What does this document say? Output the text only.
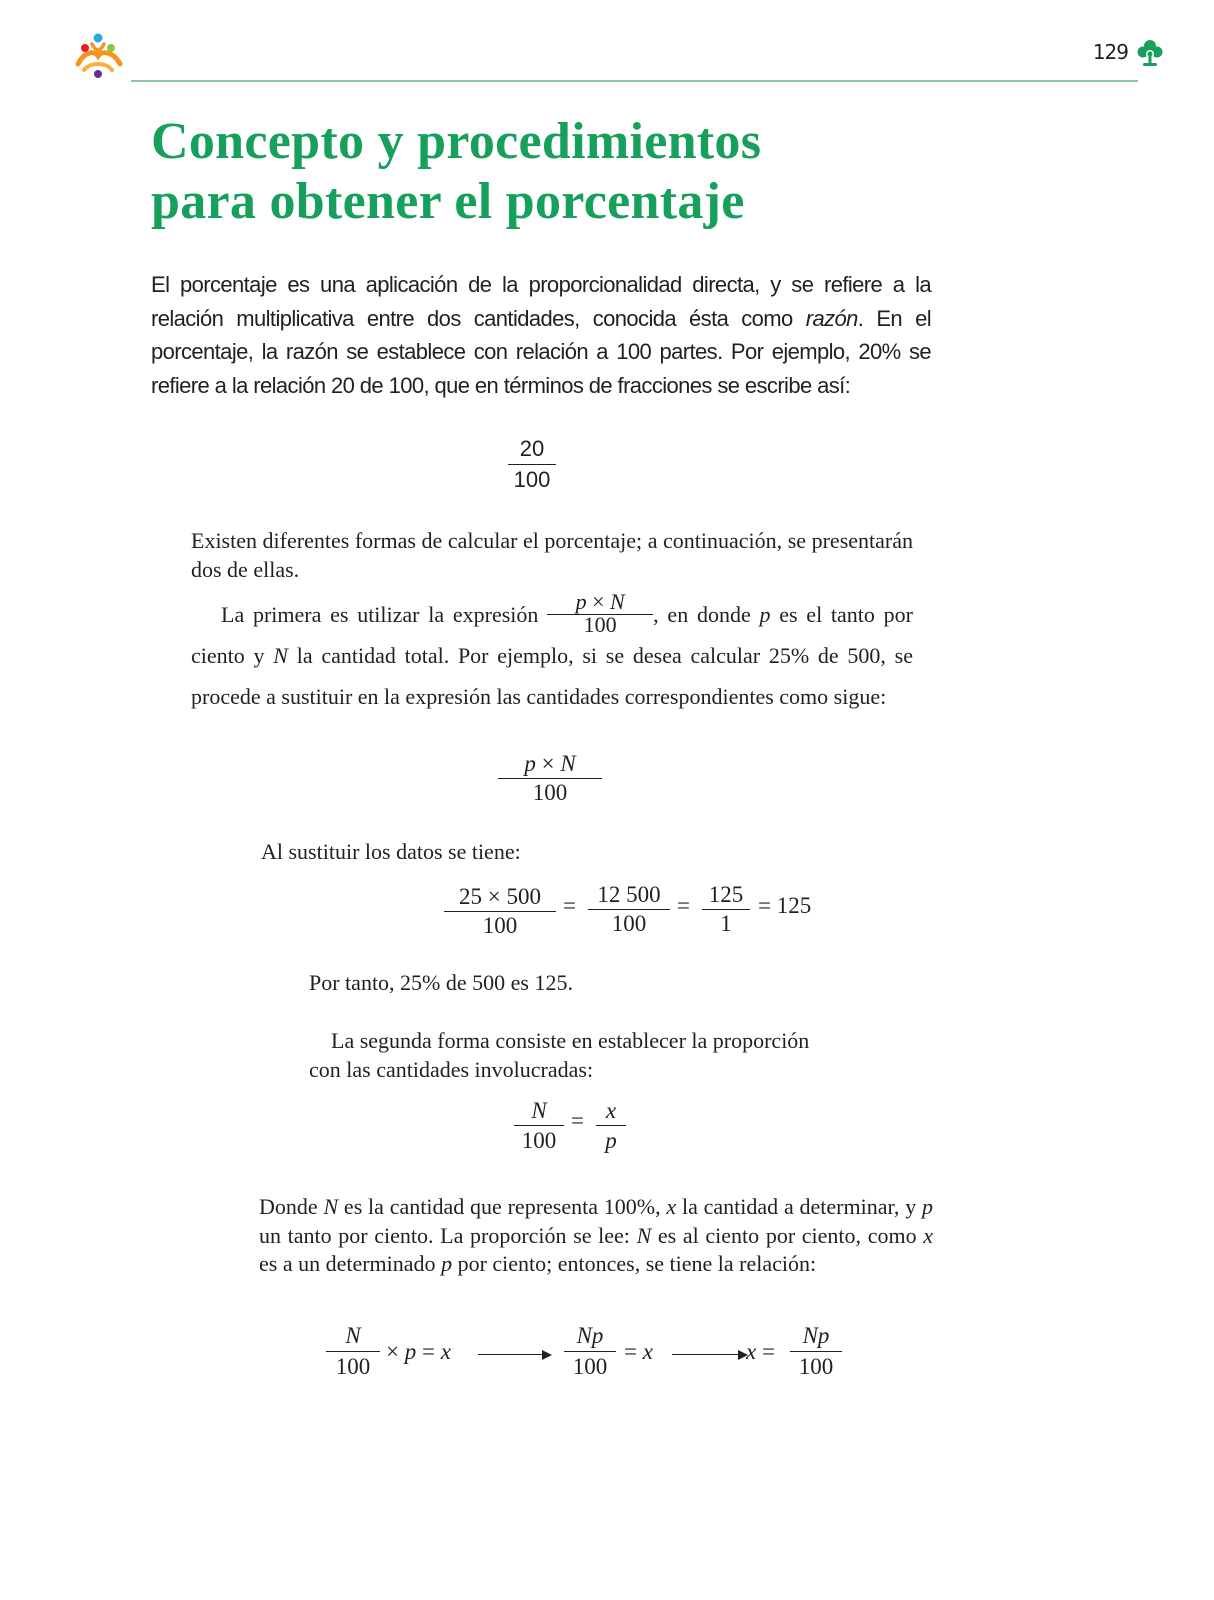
129
Concepto y procedimientos
para obtener el porcentaje

El porcentaje es una aplicación de la proporcionalidad directa, y se refiere a la relación multiplicativa entre dos cantidades, conocida ésta como razón. En el porcentaje, la razón se establece con relación a 100 partes. Por ejemplo, 20% se refiere a la relación 20 de 100, que en términos de fracciones se escribe así:

20
100

Existen diferentes formas de calcular el porcentaje; a continuación, se presentarán dos de ellas.

La primera es utilizar la expresión $\frac{p \times N}{100}$ , en donde p es el tanto por ciento y N la cantidad total. Por ejemplo, si se desea calcular 25% de 500, se procede a sustituir en la expresión las cantidades correspondientes como sigue:

p × N
100

Al sustituir los datos se tiene:

25 × 500
100
= 12 500
100
= 125
1
= 125

Por tanto, 25% de 500 es 125.

La segunda forma consiste en establecer la proporción con las cantidades involucradas:

N
100
= x
p

Donde N es la cantidad que representa 100%, x la cantidad a determinar, y p un tanto por ciento. La proporción se lee: N es al ciento por ciento, como x es a un determinado p por ciento; entonces, se tiene la relación:

N
100
× p = x
Np
100
= x	x =
Np
100
